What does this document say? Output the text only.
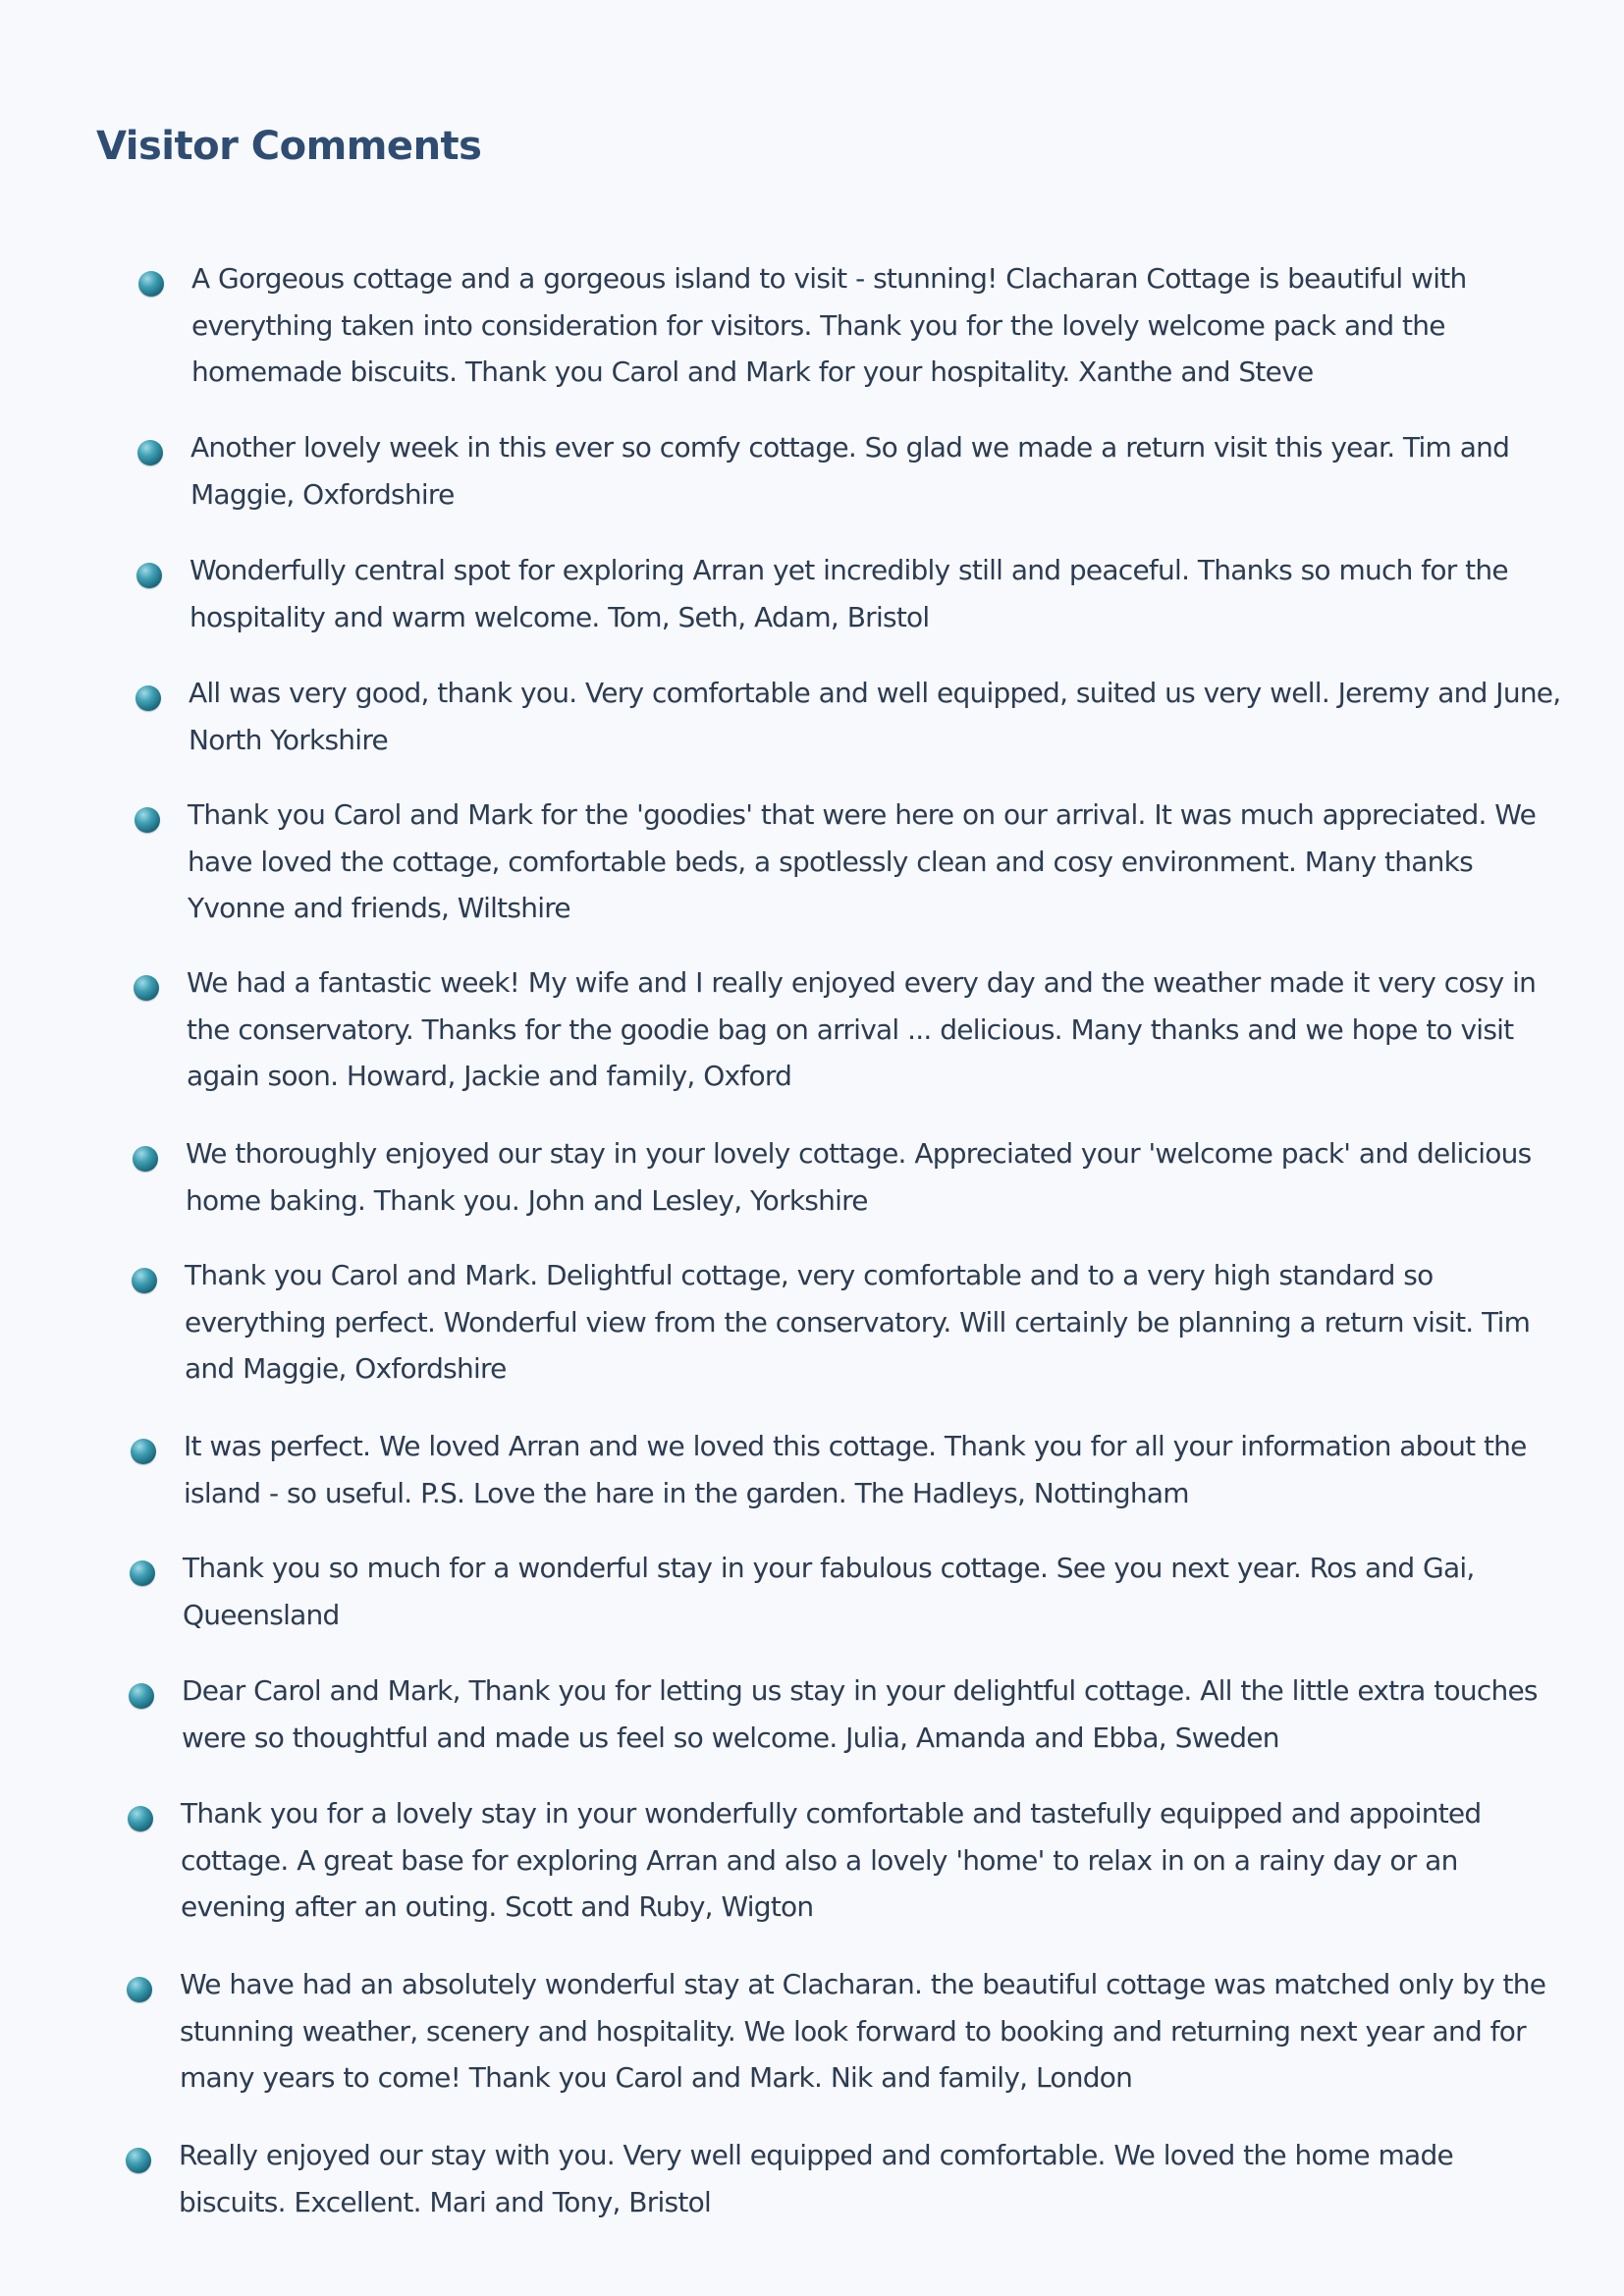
Visitor Comments
A Gorgeous cottage and a gorgeous island to visit - stunning! Clacharan Cottage is beautiful with everything taken into consideration for visitors. Thank you for the lovely welcome pack and the homemade biscuits. Thank you Carol and Mark for your hospitality. Xanthe and Steve
Another lovely week in this ever so comfy cottage. So glad we made a return visit this year. Tim and Maggie, Oxfordshire
Wonderfully central spot for exploring Arran yet incredibly still and peaceful. Thanks so much for the hospitality and warm welcome. Tom, Seth, Adam, Bristol
All was very good, thank you. Very comfortable and well equipped, suited us very well. Jeremy and June, North Yorkshire
Thank you Carol and Mark for the 'goodies' that were here on our arrival. It was much appreciated. We have loved the cottage, comfortable beds, a spotlessly clean and cosy environment. Many thanks Yvonne and friends, Wiltshire
We had a fantastic week! My wife and I really enjoyed every day and the weather made it very cosy in the conservatory. Thanks for the goodie bag on arrival ... delicious. Many thanks and we hope to visit again soon. Howard, Jackie and family, Oxford
We thoroughly enjoyed our stay in your lovely cottage. Appreciated your 'welcome pack' and delicious home baking. Thank you. John and Lesley, Yorkshire
Thank you Carol and Mark. Delightful cottage, very comfortable and to a very high standard so everything perfect. Wonderful view from the conservatory. Will certainly be planning a return visit. Tim and Maggie, Oxfordshire
It was perfect. We loved Arran and we loved this cottage. Thank you for all your information about the island - so useful. P.S. Love the hare in the garden. The Hadleys, Nottingham
Thank you so much for a wonderful stay in your fabulous cottage. See you next year. Ros and Gai, Queensland
Dear Carol and Mark, Thank you for letting us stay in your delightful cottage. All the little extra touches were so thoughtful and made us feel so welcome. Julia, Amanda and Ebba, Sweden
Thank you for a lovely stay in your wonderfully comfortable and tastefully equipped and appointed cottage. A great base for exploring Arran and also a lovely 'home' to relax in on a rainy day or an evening after an outing. Scott and Ruby, Wigton
We have had an absolutely wonderful stay at Clacharan. the beautiful cottage was matched only by the stunning weather, scenery and hospitality. We look forward to booking and returning next year and for many years to come! Thank you Carol and Mark. Nik and family, London
Really enjoyed our stay with you. Very well equipped and comfortable. We loved the home made biscuits. Excellent. Mari and Tony, Bristol
